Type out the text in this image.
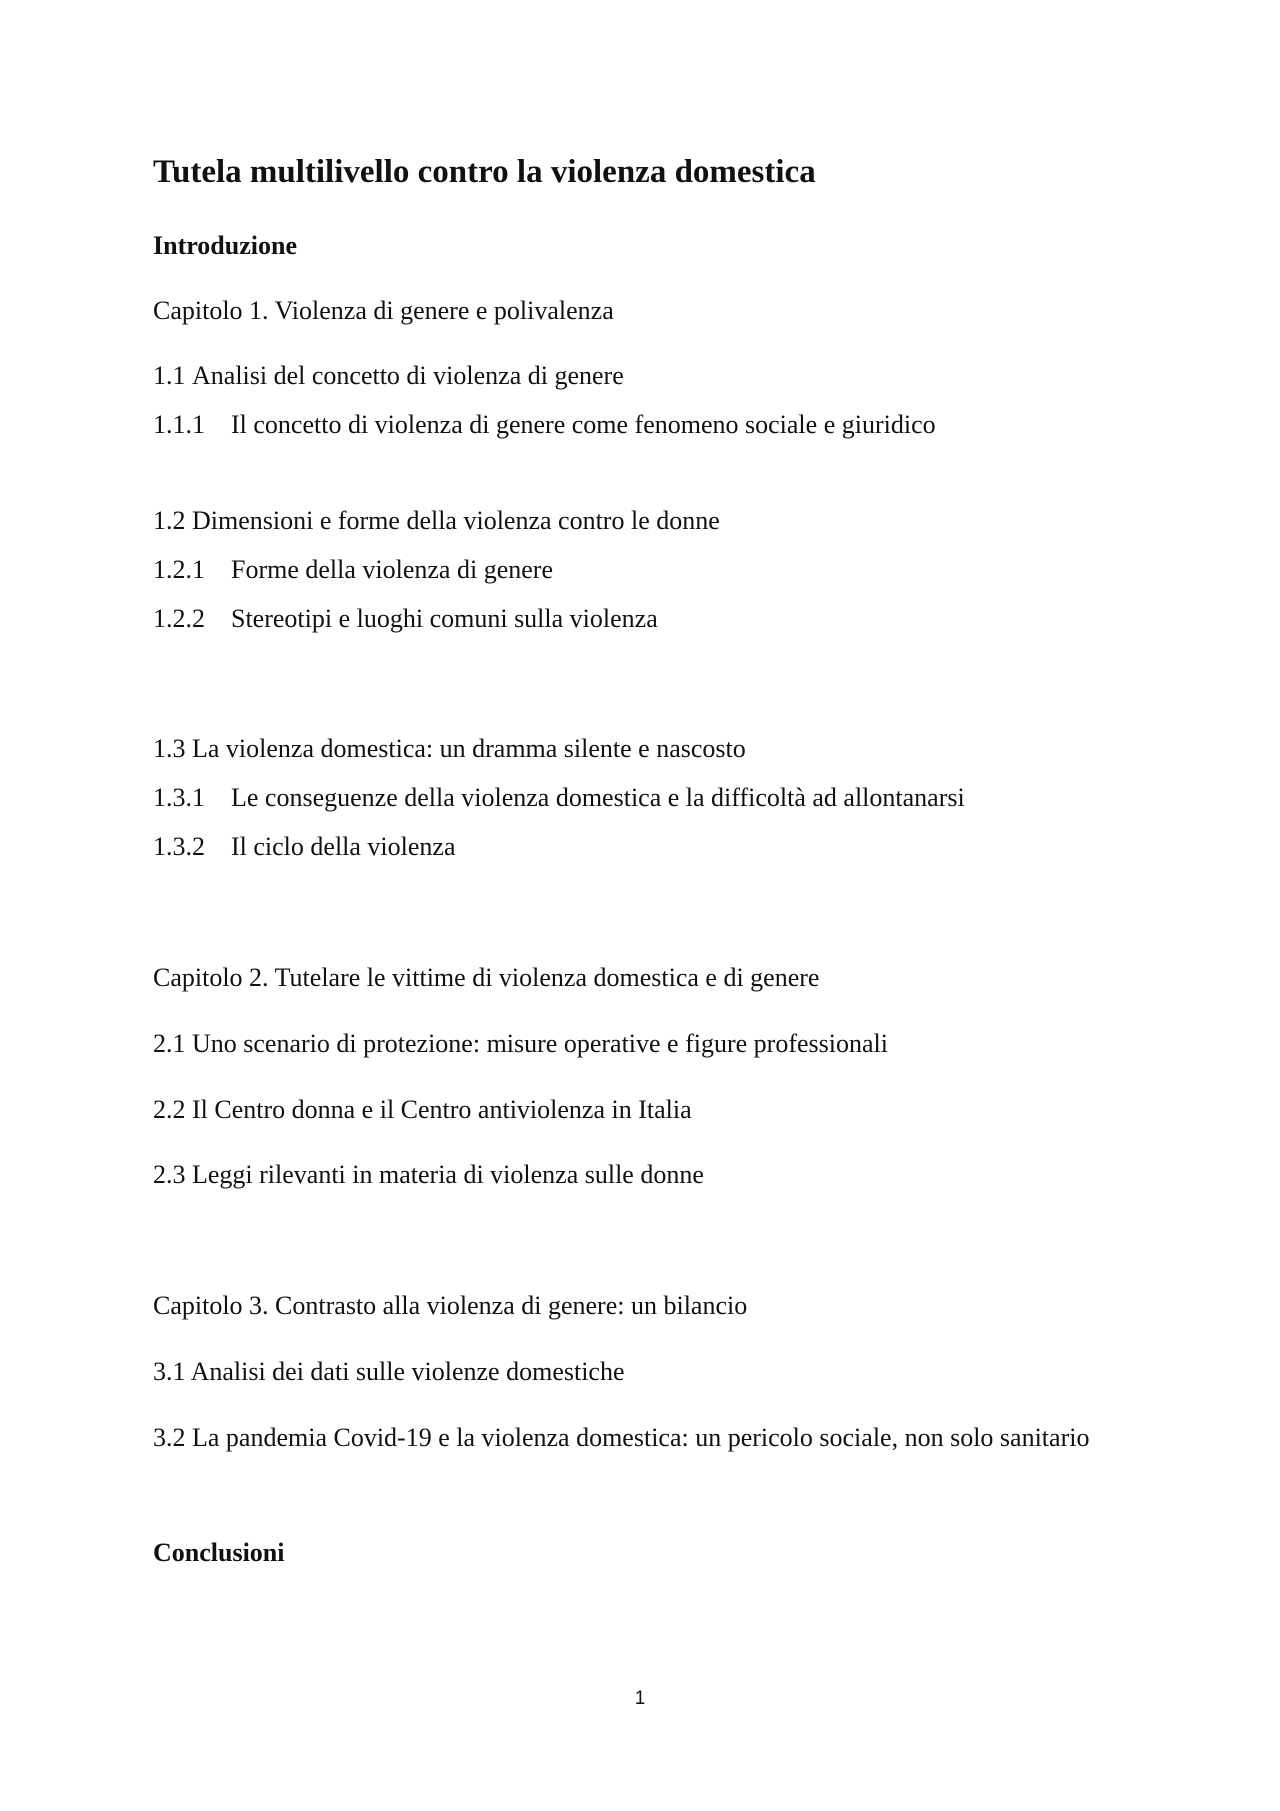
Tutela multilivello contro la violenza domestica
Introduzione
Capitolo 1. Violenza di genere e polivalenza
1.1 Analisi del concetto di violenza di genere
1.1.1 Il concetto di violenza di genere come fenomeno sociale e giuridico
1.2 Dimensioni e forme della violenza contro le donne
1.2.1 Forme della violenza di genere
1.2.2 Stereotipi e luoghi comuni sulla violenza
1.3 La violenza domestica: un dramma silente e nascosto
1.3.1 Le conseguenze della violenza domestica e la difficoltà ad allontanarsi
1.3.2 Il ciclo della violenza
Capitolo 2. Tutelare le vittime di violenza domestica e di genere
2.1 Uno scenario di protezione: misure operative e figure professionali
2.2 Il Centro donna e il Centro antiviolenza in Italia
2.3 Leggi rilevanti in materia di violenza sulle donne
Capitolo 3. Contrasto alla violenza di genere: un bilancio
3.1 Analisi dei dati sulle violenze domestiche
3.2 La pandemia Covid-19 e la violenza domestica: un pericolo sociale, non solo sanitario
Conclusioni
1
